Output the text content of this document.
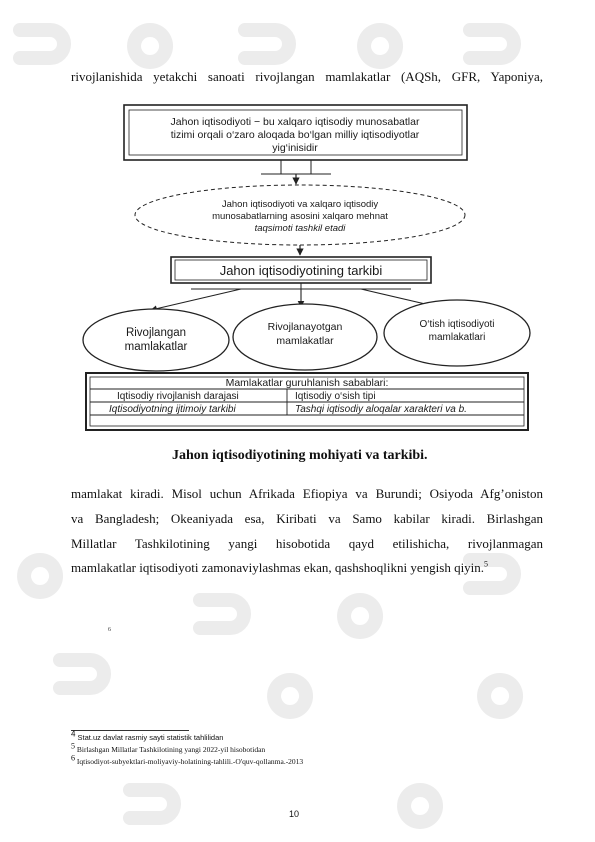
rivojlanishida yetakchi sanoati rivojlangan mamlakatlar (AQSh, GFR, Yaponiya,

Jahon iqtisodiyoti − bu xalqaro iqtisodiy munosabatlar
tizimi orqali o‘zaro aloqada bo‘lgan milliy iqtisodiyotlar
yig‘inisidir
Jahon iqtisodiyoti va xalqaro iqtisodiy
munosabatlarning asosini xalqaro mehnat
taqsimoti tashkil etadi
Jahon iqtisodiyotining tarkibi
Rivojlangan
mamlakatlar
Rivojlanayotgan
mamlakatlar
O‘tish iqtisodiyoti
mamlakatlari
Mamlakatlar guruhlanish sabablari:
Iqtisodiy rivojlanish darajasi	Iqtisodiy o‘sish tipi
Iqtisodiyotning ijtimoiy tarkibi	Tashqi iqtisodiy aloqalar xarakteri va b.
Jahon iqtisodiyotining mohiyati va tarkibi.

mamlakat kiradi. Misol uchun Afrikada Efiopiya va Burundi; Osiyoda Afg’oniston

va Bangladesh; Okeaniyada esa, Kiribati va Samo kabilar kiradi. Birlashgan

Millatlar Tashkilotining yangi hisobotida qayd etilishicha, rivojlanmagan

mamlakatlar iqtisodiyoti zamonaviylashmas ekan, qashshoqlikni yengish qiyin.$^5$

6
$^4$ Stat.uz davlat rasmiy sayti statistik tahlilidan
$^5$ Birlashgan Millatlar Tashkilotining yangi 2022-yil hisobotidan
$^6$ Iqtisodiyot-subyektlari-moliyaviy-holatining-tahlili.-O'quv-qollanma.-2013
10
